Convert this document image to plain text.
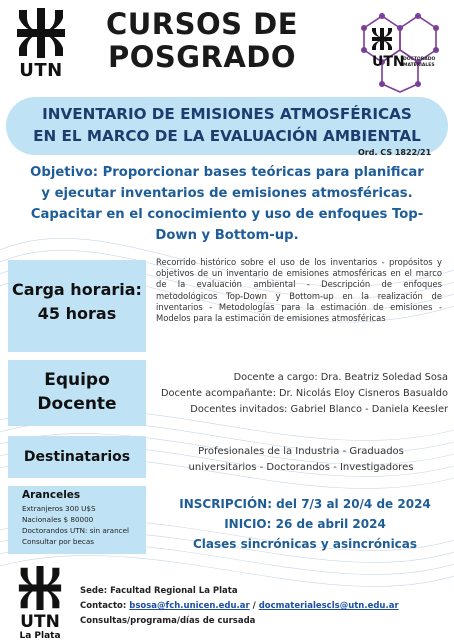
UTN
CURSOS DE
POSGRADO	UTN
DOCTORADO
MATERIALES
INVENTARIO DE EMISIONES ATMOSFÉRICAS
EN EL MARCO DE LA EVALUACIÓN AMBIENTAL
Ord. CS 1822/21
Objetivo: Proporcionar bases teóricas para planificar y ejecutar inventarios de emisiones atmosféricas. Capacitar en el conocimiento y uso de enfoques Top-Down y Bottom-up.
Carga horaria:
45 horas
Recorrido histórico sobre el uso de los inventarios - propósitos y objetivos de un inventario de emisiones atmosféricas en el marco de la evaluación ambiental - Descripción de enfoques metodológicos Top-Down y Bottom-up en la realización de inventarios - Metodologías para la estimación de emisiones - Modelos para la estimación de emisiones atmosféricas
Equipo
Docente
Docente a cargo: Dra. Beatriz Soledad Sosa
Docente acompañante: Dr. Nicolás Eloy Cisneros Basualdo
Docentes invitados: Gabriel Blanco - Daniela Keesler
Destinatarios	Profesionales de la Industria - Graduados
universitarios - Doctorandos - Investigadores
Aranceles
Extranjeros 300 U$S
Nacionales $ 80000
Doctorandos UTN: sin arancel
Consultar por becas
INSCRIPCIÓN: del 7/3 al 20/4 de 2024
INICIO: 26 de abril 2024
Clases sincrónicas y asincrónicas
UTN
La Plata
Sede: Facultad Regional La Plata
Contacto: bsosa@fch.unicen.edu.ar / docmaterialescls@utn.edu.ar
Consultas/programa/días de cursada
